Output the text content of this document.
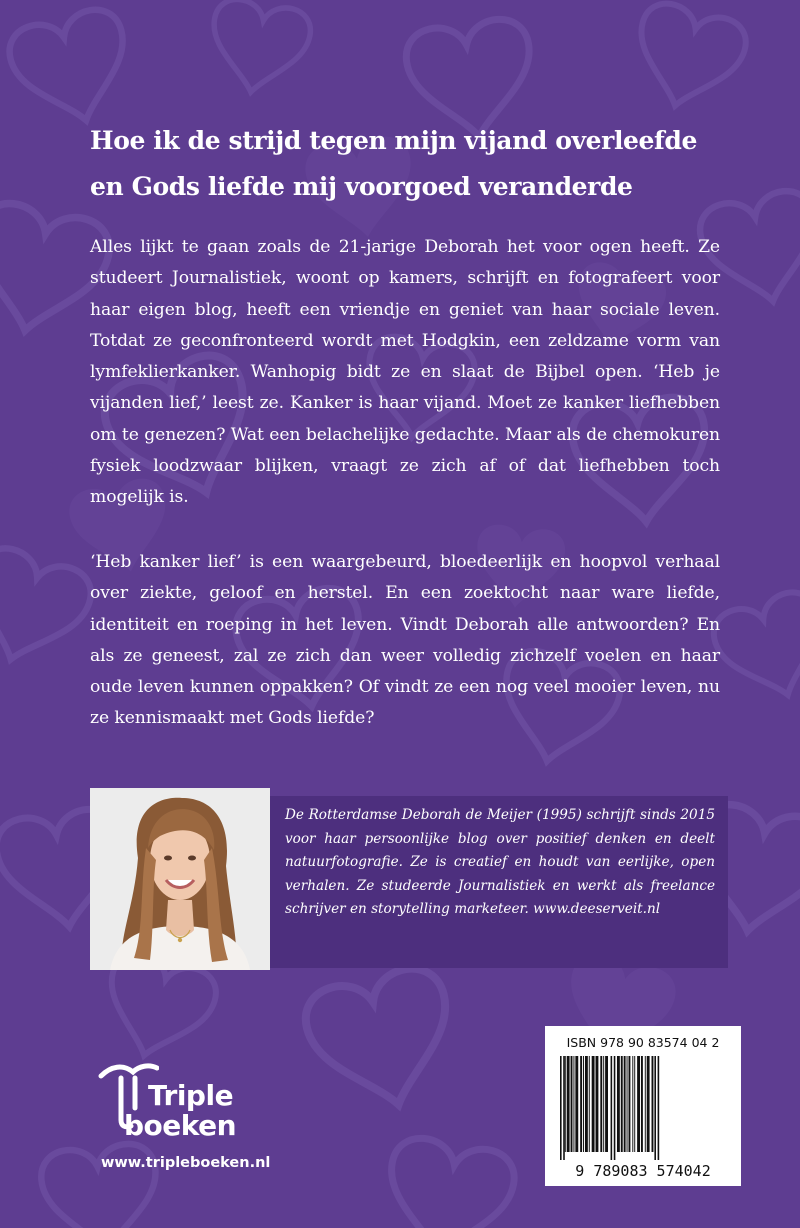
Hoe ik de strijd tegen mijn vijand overleefde
en Gods liefde mij voorgoed veranderde

Alles lijkt te gaan zoals de 21-jarige Deborah het voor ogen heeft. Ze studeert Journalistiek, woont op kamers, schrijft en fotografeert voor haar eigen blog, heeft een vriendje en geniet van haar sociale leven. Totdat ze geconfronteerd wordt met Hodgkin, een zeldzame vorm van lymfeklierkanker. Wanhopig bidt ze en slaat de Bijbel open. ‘Heb je vijanden lief,’ leest ze. Kanker is haar vijand. Moet ze kanker liefhebben om te genezen? Wat een belachelijke gedachte. Maar als de chemokuren fysiek loodzwaar blijken, vraagt ze zich af of dat liefhebben toch mogelijk is.

‘Heb kanker lief’ is een waargebeurd, bloedeerlijk en hoopvol verhaal over ziekte, geloof en herstel. En een zoektocht naar ware liefde, identiteit en roeping in het leven. Vindt Deborah alle antwoorden? En als ze geneest, zal ze zich dan weer volledig zichzelf voelen en haar oude leven kunnen oppakken? Of vindt ze een nog veel mooier leven, nu ze kennismaakt met Gods liefde?

De Rotterdamse Deborah de Meijer (1995) schrijft sinds 2015 voor haar persoonlijke blog over positief denken en deelt natuurfotografie. Ze is creatief en houdt van eerlijke, open verhalen. Ze studeerde Journalistiek en werkt als freelance schrijver en storytelling marketeer. www.deeserveit.nl

Triple
boeken
www.tripleboeken.nl
ISBN 978 90 83574 04 2
9 789083 574042
